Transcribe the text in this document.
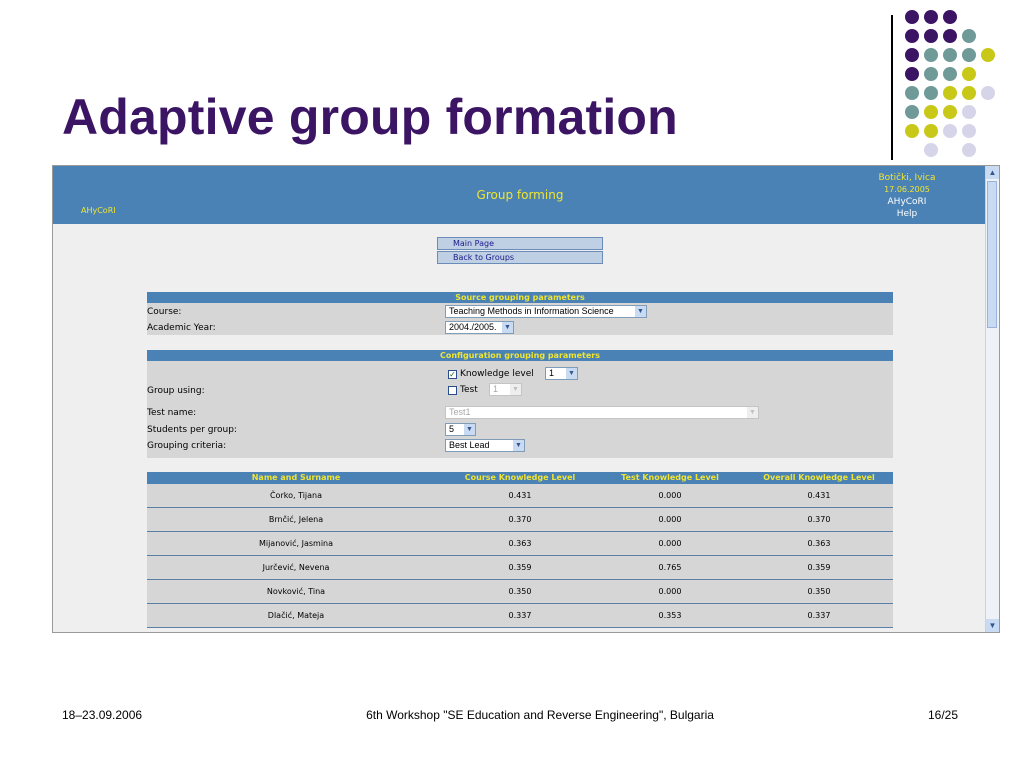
Adaptive group formation
Group forming
AHyCoRI
Botički, Ivica
17.06.2005
AHyCoRI
Help
▲
▼
Main Page
Back to Groups
Source grouping parameters
Course:	Teaching Methods in Information Science	▼
Academic Year:	2004./2005. ▼
Configuration grouping parameters
✓ Knowledge level	1 ▼
Group using:	Test	1 ▼
Test name:	Test1	▼
Students per group:	5 ▼
Grouping criteria:	Best Lead	▼
Name and Surname	Course Knowledge Level	Test Knowledge Level	Overall Knowledge Level
Čorko, Tijana	0.431	0.000	0.431
Brnčić, Jelena	0.370	0.000	0.370
Mijanović, Jasmina	0.363	0.000	0.363
Jurčević, Nevena	0.359	0.765	0.359
Novković, Tina	0.350	0.000	0.350
Dlačić, Mateja	0.337	0.353	0.337
18–23.09.2006	6th Workshop "SE Education and Reverse Engineering", Bulgaria	16/25
